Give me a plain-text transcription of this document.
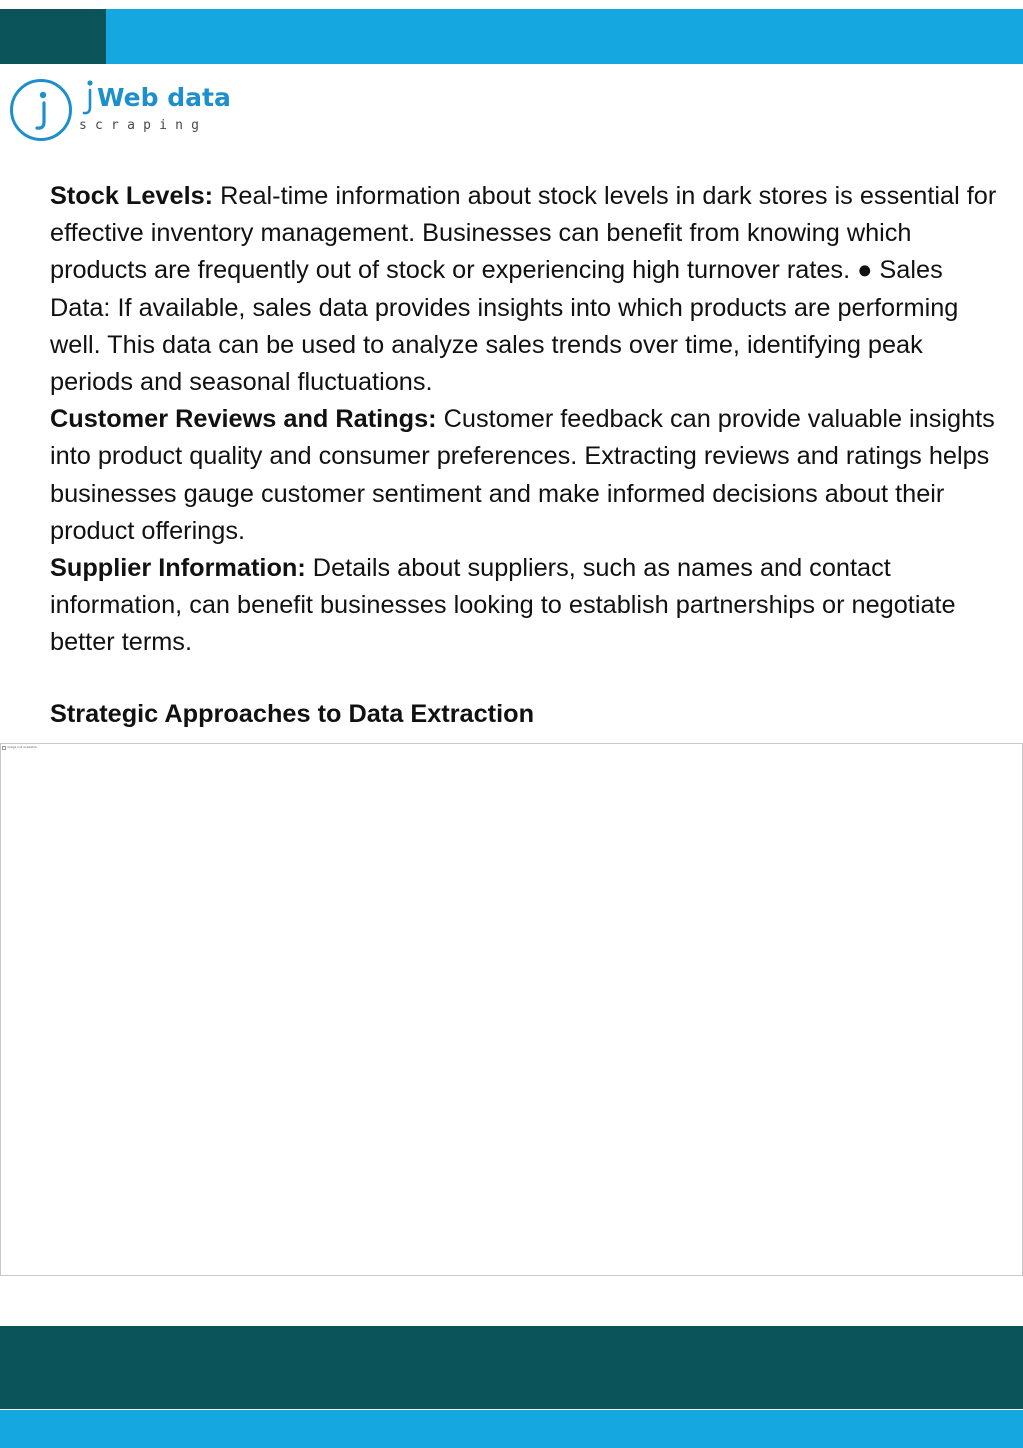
Web data
scraping

Stock Levels: Real-time information about stock levels in dark stores is essential for effective inventory management. Businesses can benefit from knowing which products are frequently out of stock or experiencing high turnover rates. ● Sales Data: If available, sales data provides insights into which products are performing well. This data can be used to analyze sales trends over time, identifying peak periods and seasonal fluctuations.

Customer Reviews and Ratings: Customer feedback can provide valuable insights into product quality and consumer preferences. Extracting reviews and ratings helps businesses gauge customer sentiment and make informed decisions about their product offerings.

Supplier Information: Details about suppliers, such as names and contact information, can benefit businesses looking to establish partnerships or negotiate better terms.

Strategic Approaches to Data Extraction
image not available
